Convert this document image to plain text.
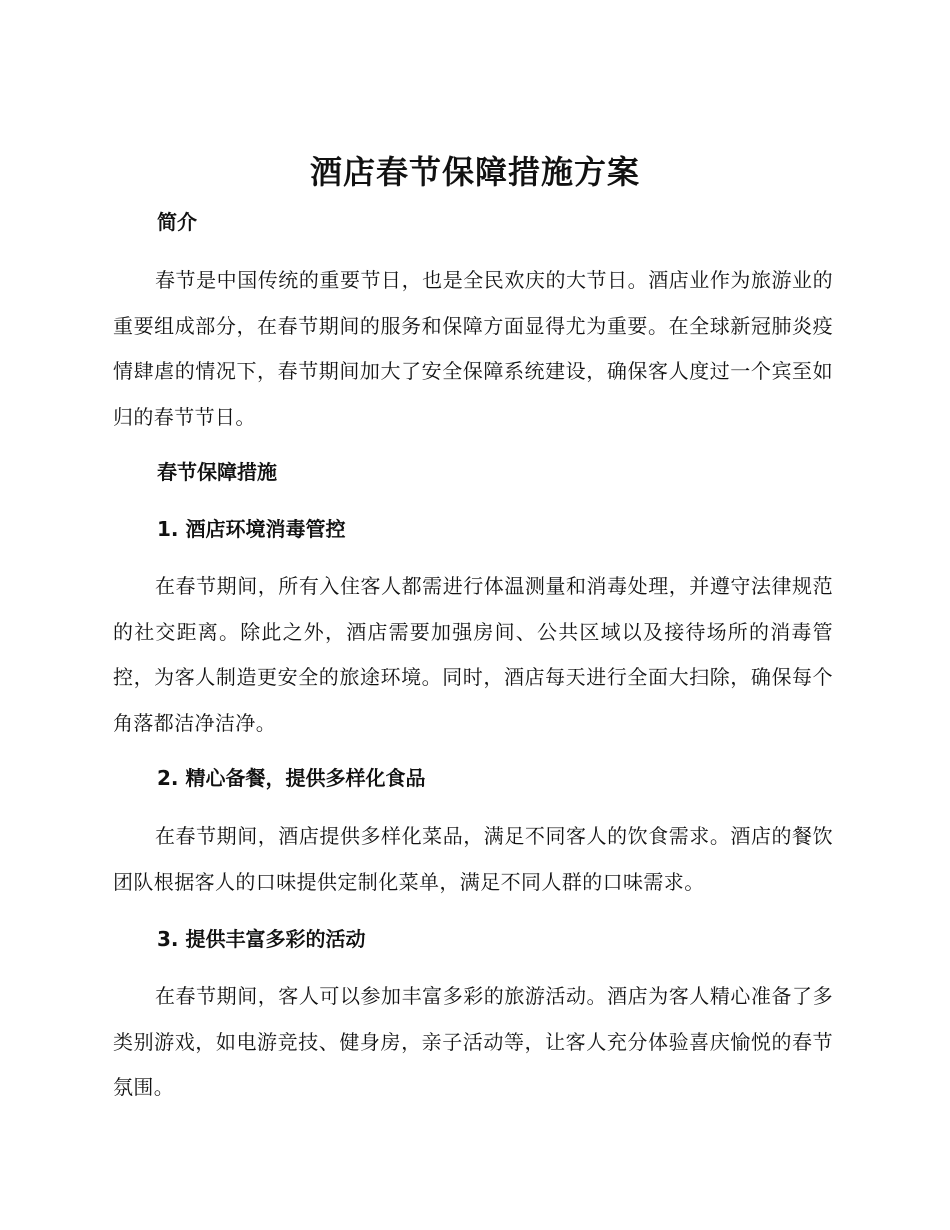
酒店春节保障措施方案
简介

春节是中国传统的重要节日，也是全民欢庆的大节日。酒店业作为旅游业的重要组成部分，在春节期间的服务和保障方面显得尤为重要。在全球新冠肺炎疫情肆虐的情况下，春节期间加大了安全保障系统建设，确保客人度过一个宾至如归的春节节日。

春节保障措施
1. 酒店环境消毒管控

在春节期间，所有入住客人都需进行体温测量和消毒处理，并遵守法律规范的社交距离。除此之外，酒店需要加强房间、公共区域以及接待场所的消毒管控，为客人制造更安全的旅途环境。同时，酒店每天进行全面大扫除，确保每个角落都洁净洁净。

2. 精心备餐，提供多样化食品

在春节期间，酒店提供多样化菜品，满足不同客人的饮食需求。酒店的餐饮团队根据客人的口味提供定制化菜单，满足不同人群的口味需求。

3. 提供丰富多彩的活动

在春节期间，客人可以参加丰富多彩的旅游活动。酒店为客人精心准备了多类别游戏，如电游竞技、健身房，亲子活动等，让客人充分体验喜庆愉悦的春节氛围。
